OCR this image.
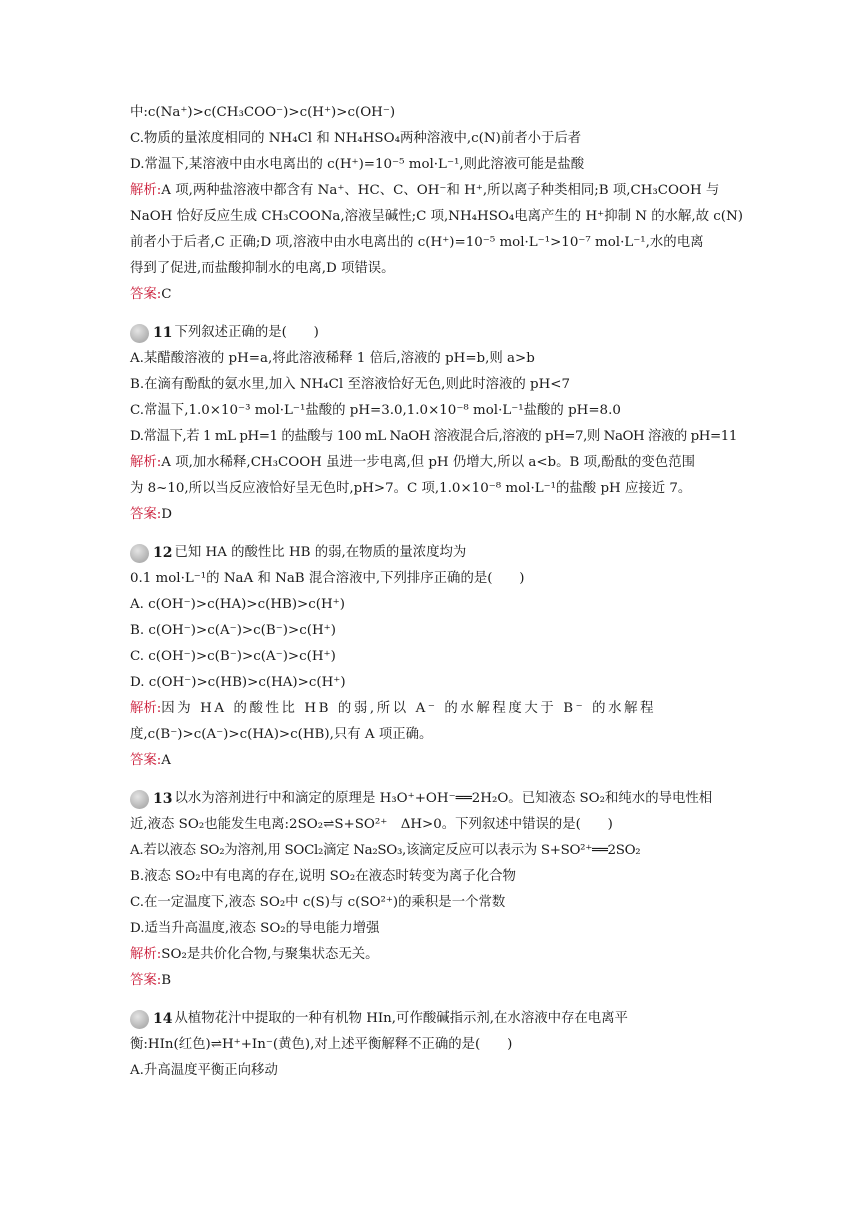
中:c(Na⁺)>c(CH₃COO⁻)>c(H⁺)>c(OH⁻)
C.物质的量浓度相同的 NH₄Cl 和 NH₄HSO₄两种溶液中,c(N)前者小于后者
D.常温下,某溶液中由水电离出的 c(H⁺)=10⁻⁵ mol·L⁻¹,则此溶液可能是盐酸
解析:A 项,两种盐溶液中都含有 Na⁺、HC、C、OH⁻和 H⁺,所以离子种类相同;B 项,CH₃COOH 与
NaOH 恰好反应生成 CH₃COONa,溶液呈碱性;C 项,NH₄HSO₄电离产生的 H⁺抑制 N 的水解,故 c(N)
前者小于后者,C 正确;D 项,溶液中由水电离出的 c(H⁺)=10⁻⁵ mol·L⁻¹>10⁻⁷ mol·L⁻¹,水的电离
得到了促进,而盐酸抑制水的电离,D 项错误。
答案:C
11 下列叙述正确的是(　　)
A.某醋酸溶液的 pH=a,将此溶液稀释 1 倍后,溶液的 pH=b,则 a>b
B.在滴有酚酞的氨水里,加入 NH₄Cl 至溶液恰好无色,则此时溶液的 pH<7
C.常温下,1.0×10⁻³ mol·L⁻¹盐酸的 pH=3.0,1.0×10⁻⁸ mol·L⁻¹盐酸的 pH=8.0
D.常温下,若 1 mL pH=1 的盐酸与 100 mL NaOH 溶液混合后,溶液的 pH=7,则 NaOH 溶液的 pH=11
解析:A 项,加水稀释,CH₃COOH 虽进一步电离,但 pH 仍增大,所以 a<b。B 项,酚酞的变色范围
为 8~10,所以当反应液恰好呈无色时,pH>7。C 项,1.0×10⁻⁸ mol·L⁻¹的盐酸 pH 应接近 7。
答案:D
12 已知 HA 的酸性比 HB 的弱,在物质的量浓度均为
0.1 mol·L⁻¹的 NaA 和 NaB 混合溶液中,下列排序正确的是(　　)
A. c(OH⁻)>c(HA)>c(HB)>c(H⁺)
B. c(OH⁻)>c(A⁻)>c(B⁻)>c(H⁺)
C. c(OH⁻)>c(B⁻)>c(A⁻)>c(H⁺)
D. c(OH⁻)>c(HB)>c(HA)>c(H⁺)
解析:因为 HA 的酸性比 HB 的弱,所以 A⁻ 的水解程度大于 B⁻ 的水解程
度,c(B⁻)>c(A⁻)>c(HA)>c(HB),只有 A 项正确。
答案:A
13 以水为溶剂进行中和滴定的原理是 H₃O⁺+OH⁻══2H₂O。已知液态 SO₂和纯水的导电性相
近,液态 SO₂也能发生电离:2SO₂⇌S+SO²⁺　ΔH>0。下列叙述中错误的是(　　)
A.若以液态 SO₂为溶剂,用 SOCl₂滴定 Na₂SO₃,该滴定反应可以表示为 S+SO²⁺══2SO₂
B.液态 SO₂中有电离的存在,说明 SO₂在液态时转变为离子化合物
C.在一定温度下,液态 SO₂中 c(S)与 c(SO²⁺)的乘积是一个常数
D.适当升高温度,液态 SO₂的导电能力增强
解析:SO₂是共价化合物,与聚集状态无关。
答案:B
14 从植物花汁中提取的一种有机物 HIn,可作酸碱指示剂,在水溶液中存在电离平
衡:HIn(红色)⇌H⁺+In⁻(黄色),对上述平衡解释不正确的是(　　)
A.升高温度平衡正向移动
